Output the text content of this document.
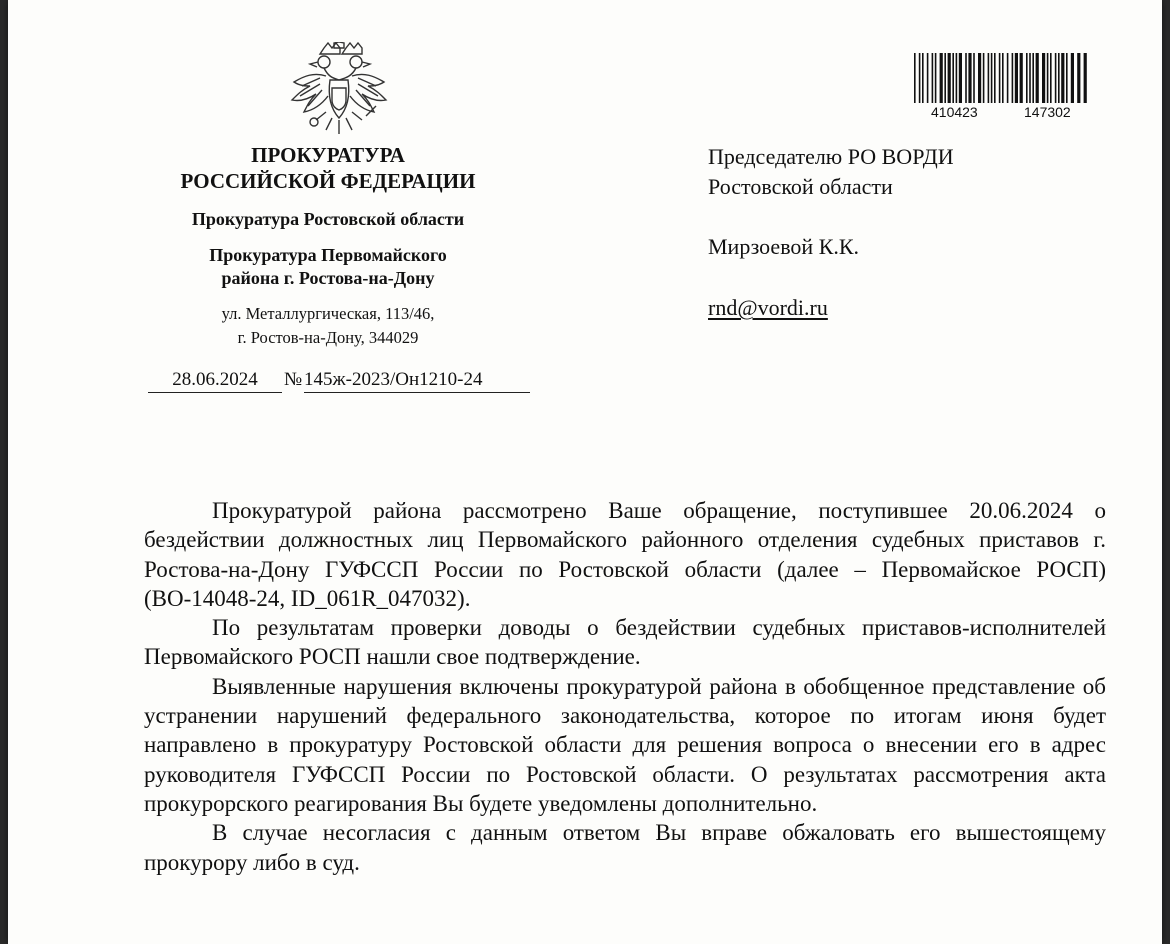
ПРОКУРАТУРА
РОССИЙСКОЙ ФЕДЕРАЦИИ
Прокуратура Ростовской области
Прокуратура Первомайского
района г. Ростова-на-Дону
ул. Металлургическая, 113/46,
г. Ростов-на-Дону, 344029
28.06.2024	№ 145ж-2023/Он1210-24
410423	147302
Председателю РО ВОРДИ
Ростовской области
Мирзоевой К.К.
rnd@vordi.ru

Прокуратурой района рассмотрено Ваше обращение, поступившее 20.06.2024 о бездействии должностных лиц Первомайского районного отделения судебных приставов г. Ростова-на-Дону ГУФССП России по Ростовской области (далее – Первомайское РОСП) (ВО-14048-24, ID_061R_047032).

По результатам проверки доводы о бездействии судебных приставов-исполнителей Первомайского РОСП нашли свое подтверждение.

Выявленные нарушения включены прокуратурой района в обобщенное представление об устранении нарушений федерального законодательства, которое по итогам июня будет направлено в прокуратуру Ростовской области для решения вопроса о внесении его в адрес руководителя ГУФССП России по Ростовской области. О результатах рассмотрения акта прокурорского реагирования Вы будете уведомлены дополнительно.

В случае несогласия с данным ответом Вы вправе обжаловать его вышестоящему прокурору либо в суд.
